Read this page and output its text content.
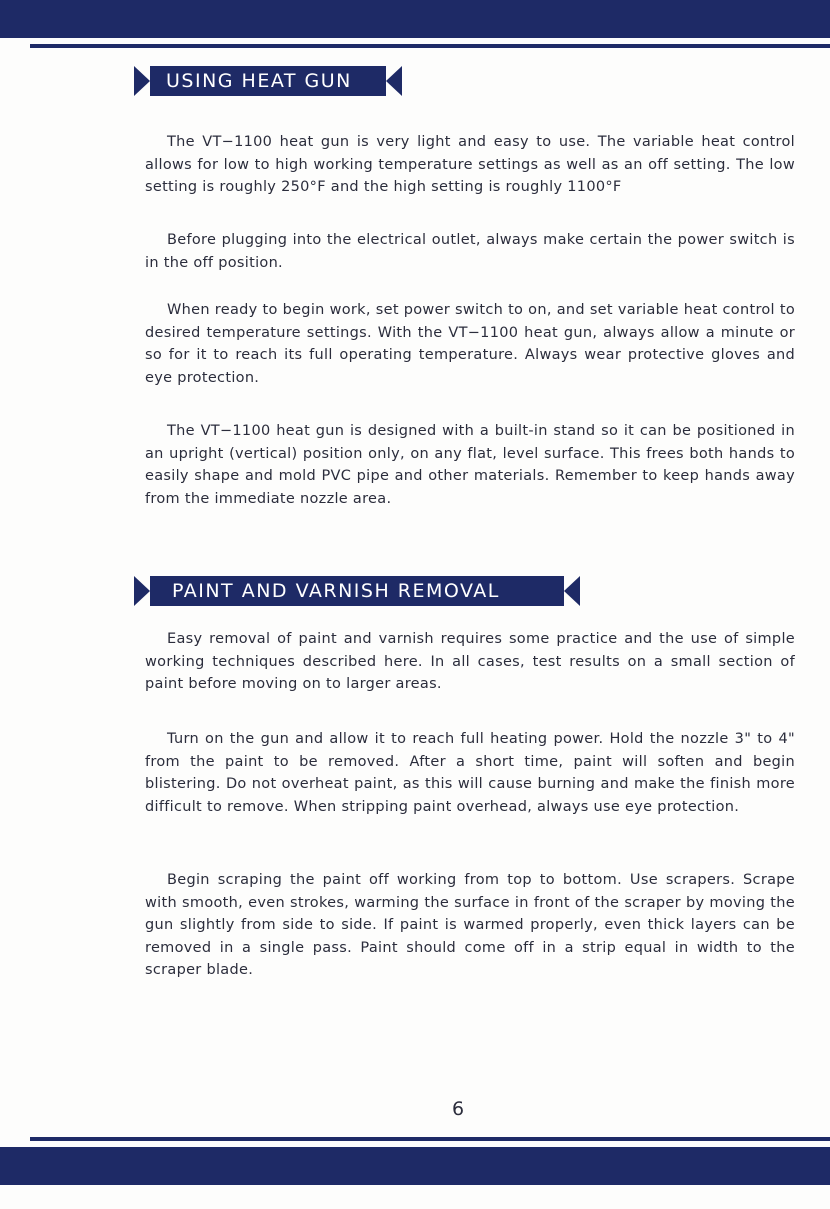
USING HEAT GUN
The VT−1100 heat gun is very light and easy to use. The variable heat control allows for low to high working temperature settings as well as an off setting. The low setting is roughly 250°F and the high setting is roughly 1100°F
Before plugging into the electrical outlet, always make certain the power switch is in the off position.
When ready to begin work, set power switch to on, and set variable heat control to desired temperature settings. With the VT−1100 heat gun, always allow a minute or so for it to reach its full operating temperature. Always wear protective gloves and eye protection.
The VT−1100 heat gun is designed with a built-in stand so it can be positioned in an upright (vertical) position only, on any flat, level surface. This frees both hands to easily shape and mold PVC pipe and other materials. Remember to keep hands away from the immediate nozzle area.
PAINT AND VARNISH REMOVAL
Easy removal of paint and varnish requires some practice and the use of simple working techniques described here. In all cases, test results on a small section of paint before moving on to larger areas.
Turn on the gun and allow it to reach full heating power. Hold the nozzle 3" to 4" from the paint to be removed. After a short time, paint will soften and begin blistering. Do not overheat paint, as this will cause burning and make the finish more difficult to remove. When stripping paint overhead, always use eye protection.
Begin scraping the paint off working from top to bottom. Use scrapers. Scrape with smooth, even strokes, warming the surface in front of the scraper by moving the gun slightly from side to side. If paint is warmed properly, even thick layers can be removed in a single pass. Paint should come off in a strip equal in width to the scraper blade.
6
